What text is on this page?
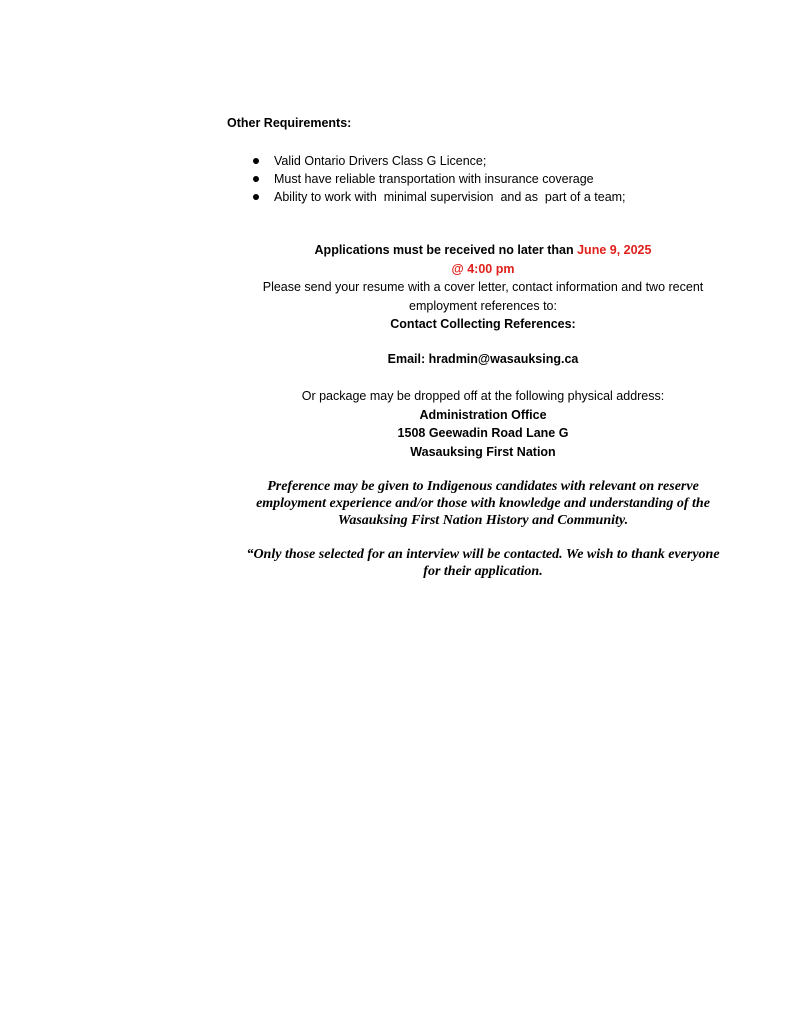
Other Requirements:

Valid Ontario Drivers Class G Licence;
Must have reliable transportation with insurance coverage
Ability to work with  minimal supervision  and as  part of a team;
Applications must be received no later than June 9, 2025
@ 4:00 pm
Please send your resume with a cover letter, contact information and two recent
employment references to:
Contact Collecting References:
Email: hradmin@wasauksing.ca
Or package may be dropped off at the following physical address:
Administration Office
1508 Geewadin Road Lane G
Wasauksing First Nation
Preference may be given to Indigenous candidates with relevant on reserve
employment experience and/or those with knowledge and understanding of the
Wasauksing First Nation History and Community.
“Only those selected for an interview will be contacted. We wish to thank everyone
for their application.
